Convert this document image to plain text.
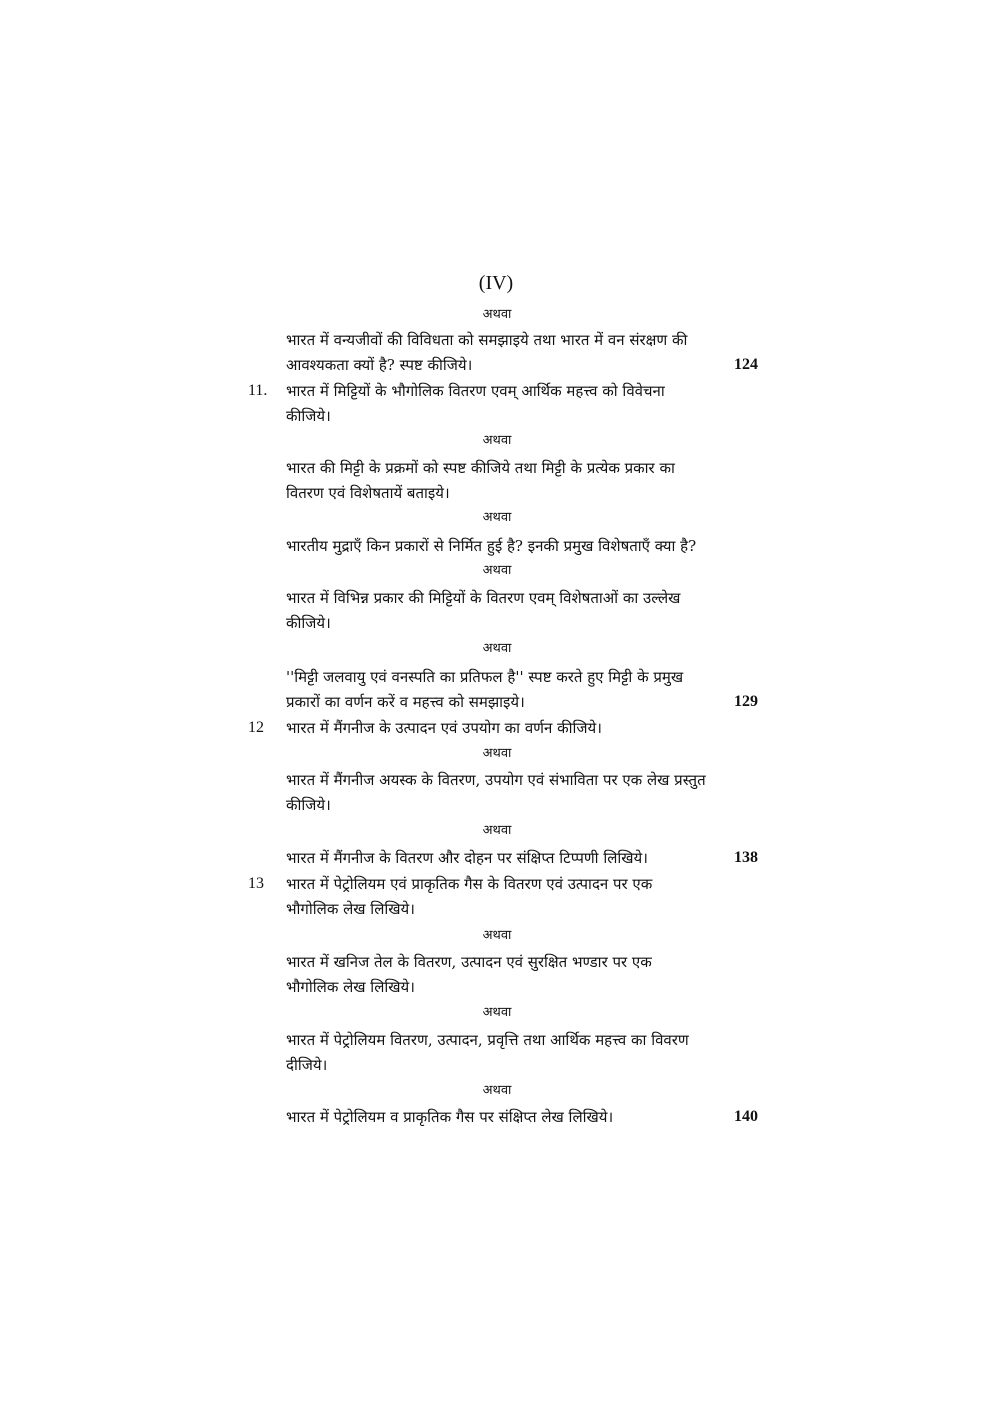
(IV)
अथवा
अथवा
अथवा
अथवा
अथवा
अथवा
अथवा
अथवा
अथवा
अथवा
भारत में वन्यजीवों की विविधता को समझाइये तथा भारत में वन संरक्षण की
आवश्यकता क्यों है? स्पष्ट कीजिये।	124
11. भारत में मिट्टियों के भौगोलिक वितरण एवम् आर्थिक महत्त्व को विवेचना
कीजिये।
भारत की मिट्टी के प्रक्रमों को स्पष्ट कीजिये तथा मिट्टी के प्रत्येक प्रकार का
वितरण एवं विशेषतायें बताइये।
भारतीय मुद्राएँ किन प्रकारों से निर्मित हुई है? इनकी प्रमुख विशेषताएँ क्या है?
भारत में विभिन्न प्रकार की मिट्टियों के वितरण एवम् विशेषताओं का उल्लेख
कीजिये।
''मिट्टी जलवायु एवं वनस्पति का प्रतिफल है'' स्पष्ट करते हुए मिट्टी के प्रमुख
प्रकारों का वर्णन करें व महत्त्व को समझाइये।	129
12 भारत में मैंगनीज के उत्पादन एवं उपयोग का वर्णन कीजिये।
भारत में मैंगनीज अयस्क के वितरण, उपयोग एवं संभाविता पर एक लेख प्रस्तुत
कीजिये।
भारत में मैंगनीज के वितरण और दोहन पर संक्षिप्त टिप्पणी लिखिये।	138
13 भारत में पेट्रोलियम एवं प्राकृतिक गैस के वितरण एवं उत्पादन पर एक
भौगोलिक लेख लिखिये।
भारत में खनिज तेल के वितरण, उत्पादन एवं सुरक्षित भण्डार पर एक
भौगोलिक लेख लिखिये।
भारत में पेट्रोलियम वितरण, उत्पादन, प्रवृत्ति तथा आर्थिक महत्त्व का विवरण
दीजिये।
भारत में पेट्रोलियम व प्राकृतिक गैस पर संक्षिप्त लेख लिखिये।	140
